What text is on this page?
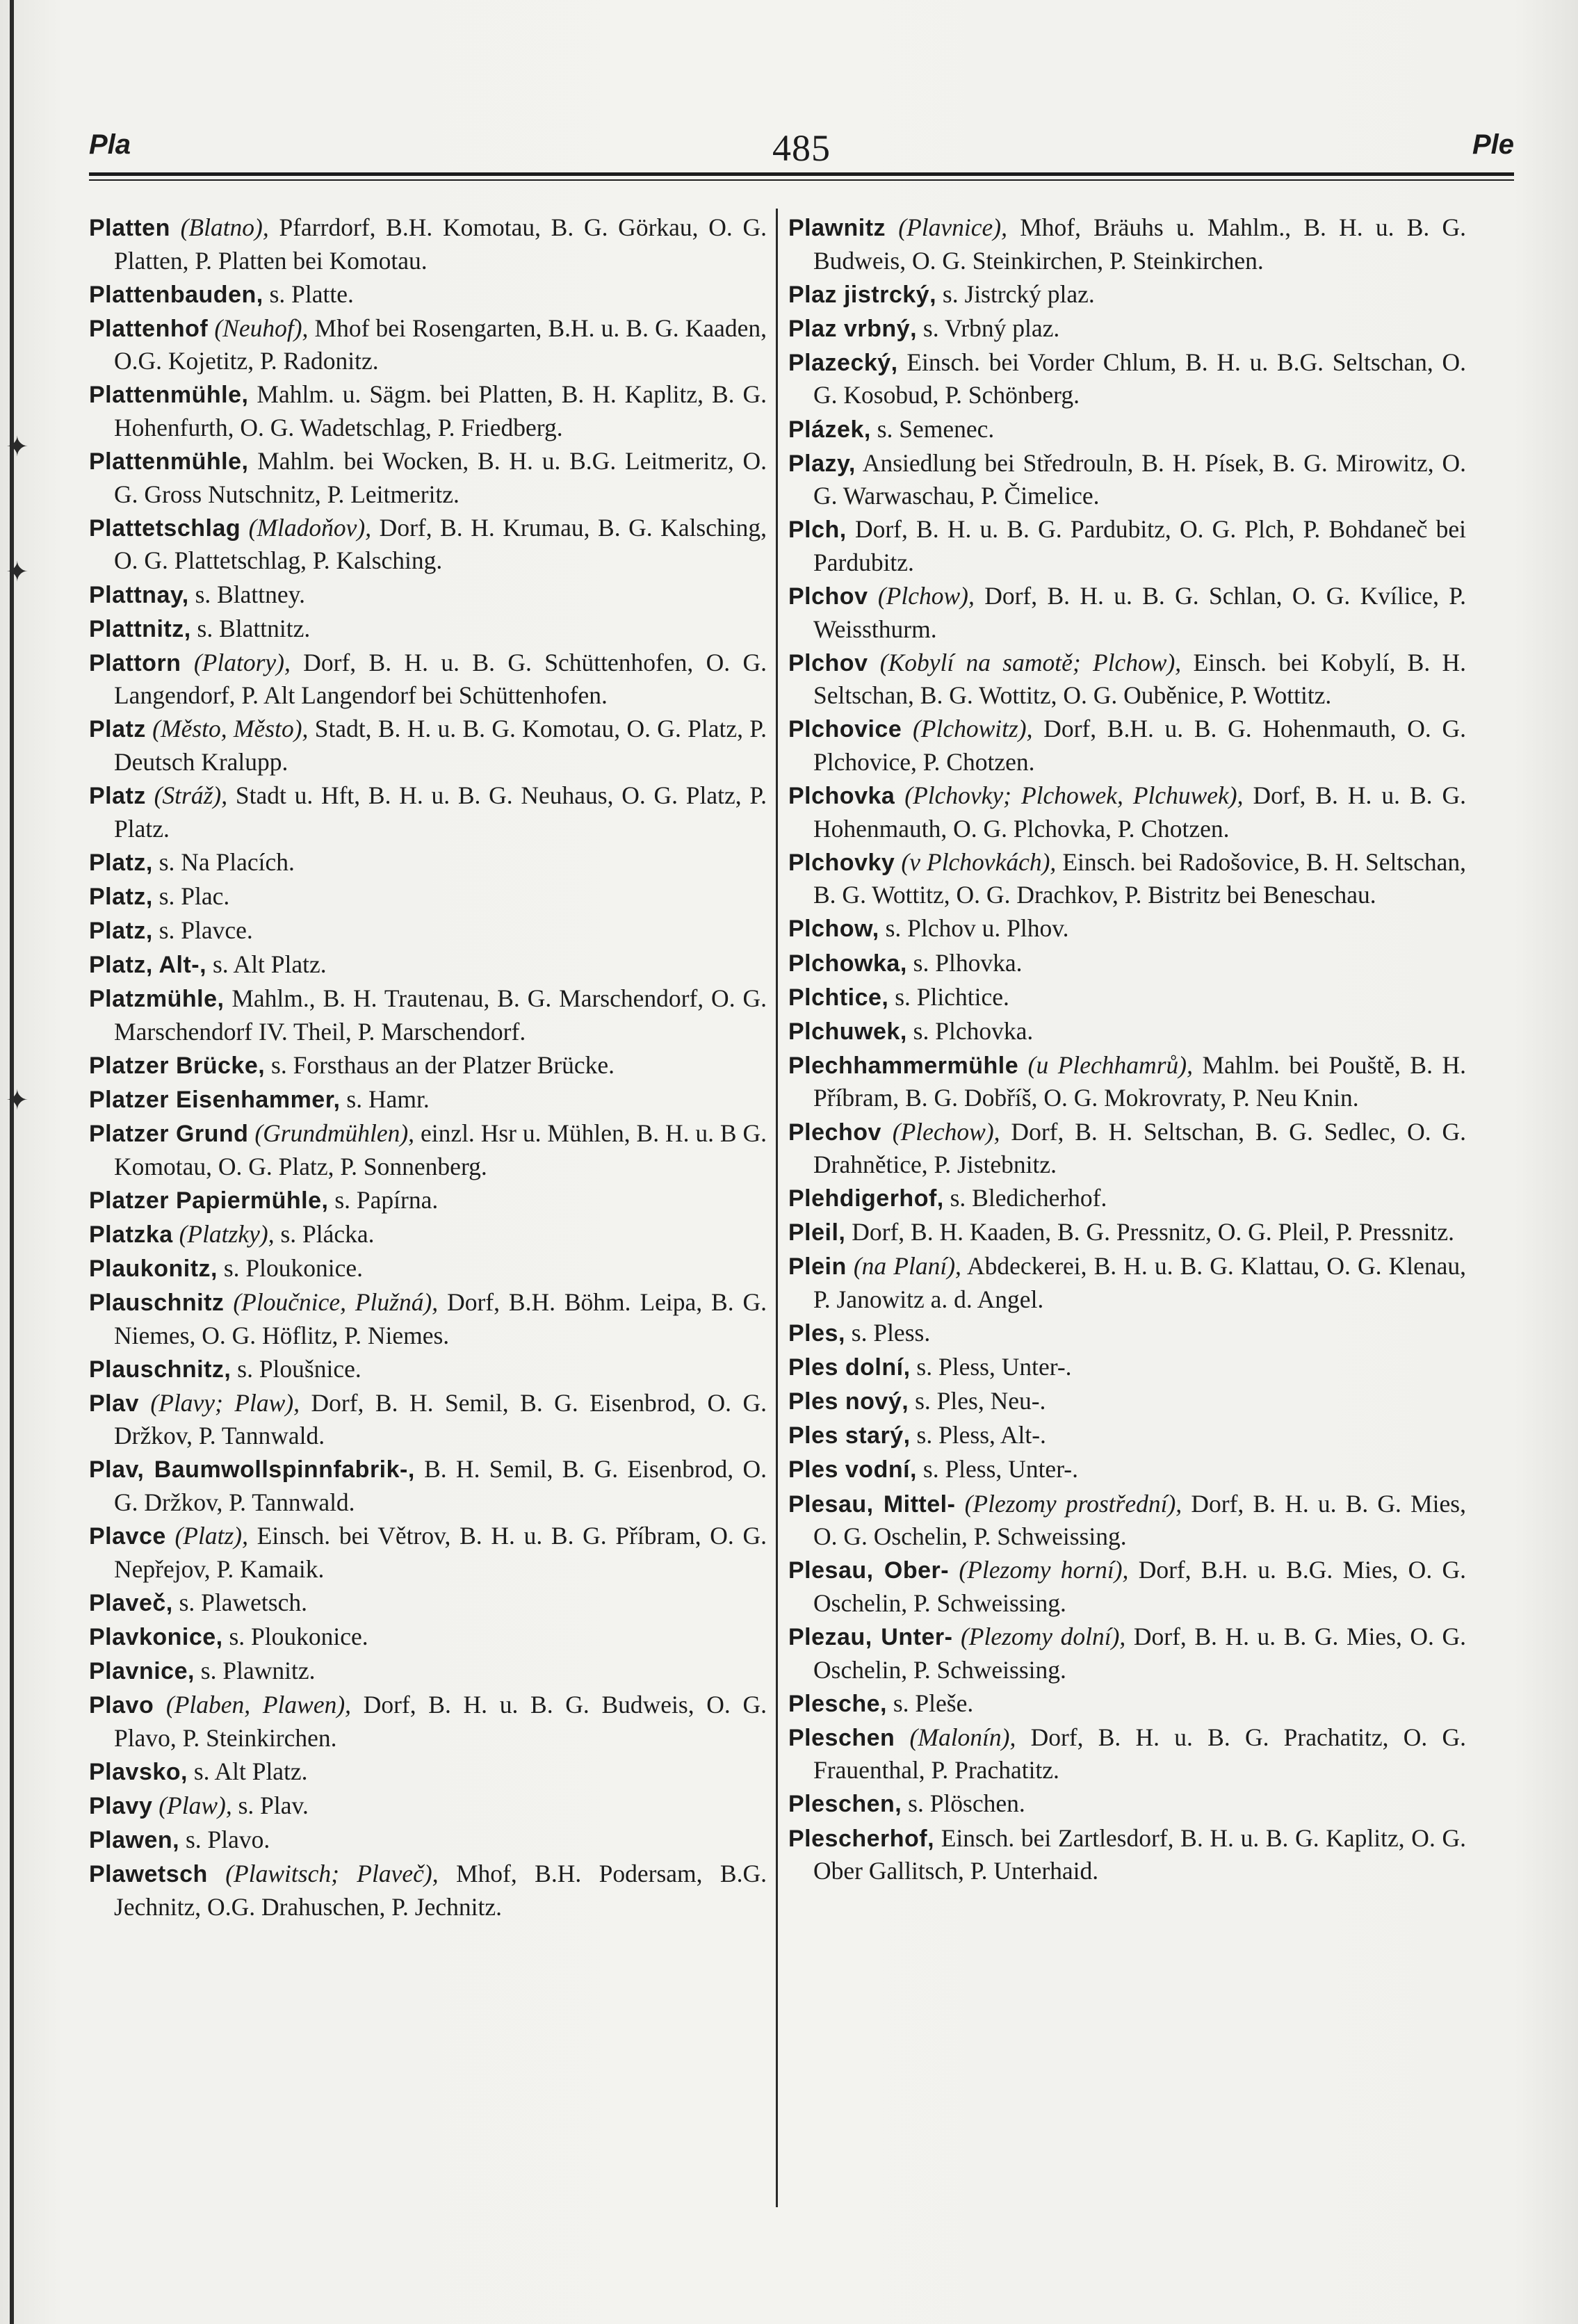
Pla	485	Ple
Platten (Blatno), Pfarrdorf, B.H. Komotau, B. G. Görkau, O. G. Platten, P. Platten bei Komotau.
Plattenbauden, s. Platte.
Plattenhof (Neuhof), Mhof bei Rosengarten, B.H. u. B. G. Kaaden, O.G. Kojetitz, P. Radonitz.
Plattenmühle, Mahlm. u. Sägm. bei Platten, B. H. Kaplitz, B. G. Hohenfurth, O. G. Wadetschlag, P. Friedberg.
Plattenmühle, Mahlm. bei Wocken, B. H. u. B.G. Leitmeritz, O. G. Gross Nutschnitz, P. Leitmeritz.
Plattetschlag (Mladoňov), Dorf, B. H. Krumau, B. G. Kalsching, O. G. Plattetschlag, P. Kalsching.
Plattnay, s. Blattney.
Plattnitz, s. Blattnitz.
Plattorn (Platory), Dorf, B. H. u. B. G. Schüttenhofen, O. G. Langendorf, P. Alt Langendorf bei Schüttenhofen.
Platz (Město, Město), Stadt, B. H. u. B. G. Komotau, O. G. Platz, P. Deutsch Kralupp.
Platz (Stráž), Stadt u. Hft, B. H. u. B. G. Neuhaus, O. G. Platz, P. Platz.
Platz, s. Na Placích.
Platz, s. Plac.
Platz, s. Plavce.
Platz, Alt-, s. Alt Platz.
Platzmühle, Mahlm., B. H. Trautenau, B. G. Marschendorf, O. G. Marschendorf IV. Theil, P. Marschendorf.
Platzer Brücke, s. Forsthaus an der Platzer Brücke.
Platzer Eisenhammer, s. Hamr.
Platzer Grund (Grundmühlen), einzl. Hsr u. Mühlen, B. H. u. B G. Komotau, O. G. Platz, P. Sonnenberg.
Platzer Papiermühle, s. Papírna.
Platzka (Platzky), s. Plácka.
Plaukonitz, s. Ploukonice.
Plauschnitz (Ploučnice, Plužná), Dorf, B.H. Böhm. Leipa, B. G. Niemes, O. G. Höflitz, P. Niemes.
Plauschnitz, s. Ploušnice.
Plav (Plavy; Plaw), Dorf, B. H. Semil, B. G. Eisenbrod, O. G. Držkov, P. Tannwald.
Plav, Baumwollspinnfabrik-, B. H. Semil, B. G. Eisenbrod, O. G. Držkov, P. Tannwald.
Plavce (Platz), Einsch. bei Větrov, B. H. u. B. G. Příbram, O. G. Nepřejov, P. Kamaik.
Plaveč, s. Plawetsch.
Plavkonice, s. Ploukonice.
Plavnice, s. Plawnitz.
Plavo (Plaben, Plawen), Dorf, B. H. u. B. G. Budweis, O. G. Plavo, P. Steinkirchen.
Plavsko, s. Alt Platz.
Plavy (Plaw), s. Plav.
Plawen, s. Plavo.
Plawetsch (Plawitsch; Plaveč), Mhof, B.H. Podersam, B.G. Jechnitz, O.G. Drahuschen, P. Jechnitz.
Plawnitz (Plavnice), Mhof, Bräuhs u. Mahlm., B. H. u. B. G. Budweis, O. G. Steinkirchen, P. Steinkirchen.
Plaz jistrcký, s. Jistrcký plaz.
Plaz vrbný, s. Vrbný plaz.
Plazecký, Einsch. bei Vorder Chlum, B. H. u. B.G. Seltschan, O. G. Kosobud, P. Schönberg.
Plázek, s. Semenec.
Plazy, Ansiedlung bei Středrouln, B. H. Písek, B. G. Mirowitz, O. G. Warwaschau, P. Čimelice.
Plch, Dorf, B. H. u. B. G. Pardubitz, O. G. Plch, P. Bohdaneč bei Pardubitz.
Plchov (Plchow), Dorf, B. H. u. B. G. Schlan, O. G. Kvílice, P. Weissthurm.
Plchov (Kobylí na samotě; Plchow), Einsch. bei Kobylí, B. H. Seltschan, B. G. Wottitz, O. G. Ouběnice, P. Wottitz.
Plchovice (Plchowitz), Dorf, B.H. u. B. G. Hohenmauth, O. G. Plchovice, P. Chotzen.
Plchovka (Plchovky; Plchowek, Plchuwek), Dorf, B. H. u. B. G. Hohenmauth, O. G. Plchovka, P. Chotzen.
Plchovky (v Plchovkách), Einsch. bei Radošovice, B. H. Seltschan, B. G. Wottitz, O. G. Drachkov, P. Bistritz bei Beneschau.
Plchow, s. Plchov u. Plhov.
Plchowka, s. Plhovka.
Plchtice, s. Plichtice.
Plchuwek, s. Plchovka.
Plechhammermühle (u Plechhamrů), Mahlm. bei Pouště, B. H. Příbram, B. G. Dobříš, O. G. Mokrovraty, P. Neu Knin.
Plechov (Plechow), Dorf, B. H. Seltschan, B. G. Sedlec, O. G. Drahnětice, P. Jistebnitz.
Plehdigerhof, s. Bledicherhof.
Pleil, Dorf, B. H. Kaaden, B. G. Pressnitz, O. G. Pleil, P. Pressnitz.
Plein (na Planí), Abdeckerei, B. H. u. B. G. Klattau, O. G. Klenau, P. Janowitz a. d. Angel.
Ples, s. Pless.
Ples dolní, s. Pless, Unter-.
Ples nový, s. Ples, Neu-.
Ples starý, s. Pless, Alt-.
Ples vodní, s. Pless, Unter-.
Plesau, Mittel- (Plezomy prostřední), Dorf, B. H. u. B. G. Mies, O. G. Oschelin, P. Schweissing.
Plesau, Ober- (Plezomy horní), Dorf, B.H. u. B.G. Mies, O. G. Oschelin, P. Schweissing.
Plezau, Unter- (Plezomy dolní), Dorf, B. H. u. B. G. Mies, O. G. Oschelin, P. Schweissing.
Plesche, s. Pleše.
Pleschen (Malonín), Dorf, B. H. u. B. G. Prachatitz, O. G. Frauenthal, P. Prachatitz.
Pleschen, s. Plöschen.
Plescherhof, Einsch. bei Zartlesdorf, B. H. u. B. G. Kaplitz, O. G. Ober Gallitsch, P. Unterhaid.
✦
✦
✦
